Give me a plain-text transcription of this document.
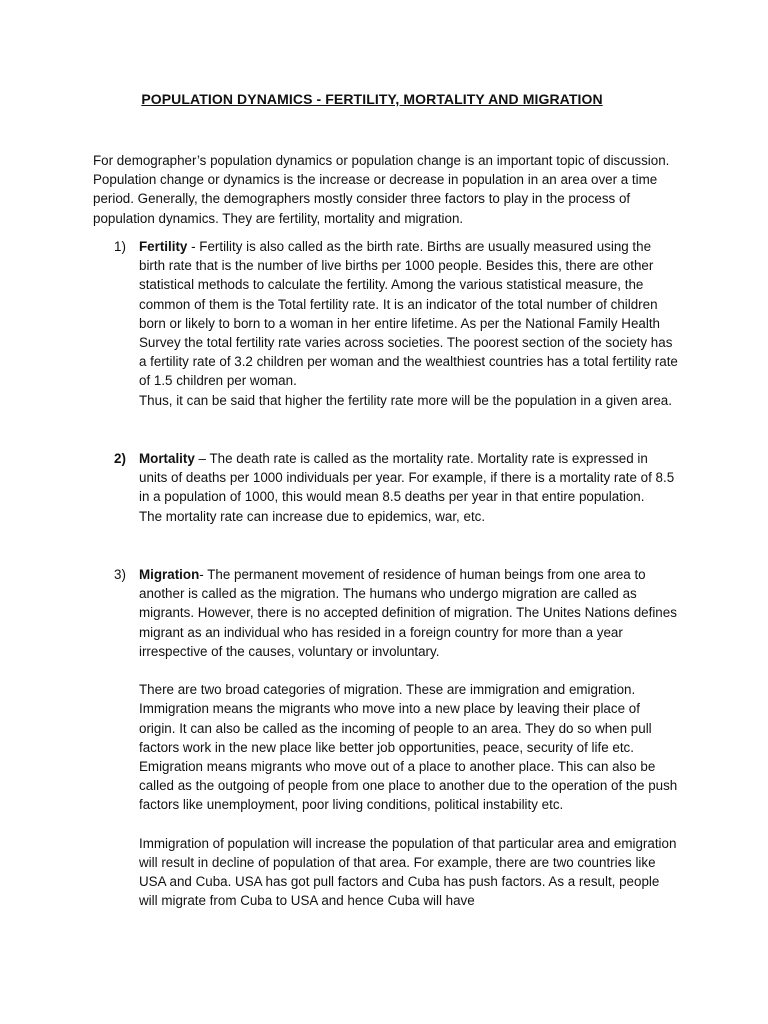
POPULATION DYNAMICS - FERTILITY, MORTALITY AND MIGRATION

For demographer’s population dynamics or population change is an important topic of discussion. Population change or dynamics is the increase or decrease in population in an area over a time period. Generally, the demographers mostly consider three factors to play in the process of population dynamics. They are fertility, mortality and migration.

1) Fertility - Fertility is also called as the birth rate. Births are usually measured using the birth rate that is the number of live births per 1000 people. Besides this, there are other statistical methods to calculate the fertility. Among the various statistical measure, the common of them is the Total fertility rate. It is an indicator of the total number of children born or likely to born to a woman in her entire lifetime. As per the National Family Health Survey the total fertility rate varies across societies. The poorest section of the society has a fertility rate of 3.2 children per woman and the wealthiest countries has a total fertility rate of 1.5 children per woman.

Thus, it can be said that higher the fertility rate more will be the population in a given area.

2) Mortality – The death rate is called as the mortality rate. Mortality rate is expressed in units of deaths per 1000 individuals per year. For example, if there is a mortality rate of 8.5 in a population of 1000, this would mean 8.5 deaths per year in that entire population.

The mortality rate can increase due to epidemics, war, etc.

3) Migration- The permanent movement of residence of human beings from one area to another is called as the migration. The humans who undergo migration are called as migrants. However, there is no accepted definition of migration. The Unites Nations defines migrant as an individual who has resided in a foreign country for more than a year irrespective of the causes, voluntary or involuntary.

There are two broad categories of migration. These are immigration and emigration. Immigration means the migrants who move into a new place by leaving their place of origin. It can also be called as the incoming of people to an area. They do so when pull factors work in the new place like better job opportunities, peace, security of life etc.

Emigration means migrants who move out of a place to another place. This can also be called as the outgoing of people from one place to another due to the operation of the push factors like unemployment, poor living conditions, political instability etc.

Immigration of population will increase the population of that particular area and emigration will result in decline of population of that area. For example, there are two countries like USA and Cuba. USA has got pull factors and Cuba has push factors. As a result, people will migrate from Cuba to USA and hence Cuba will have
